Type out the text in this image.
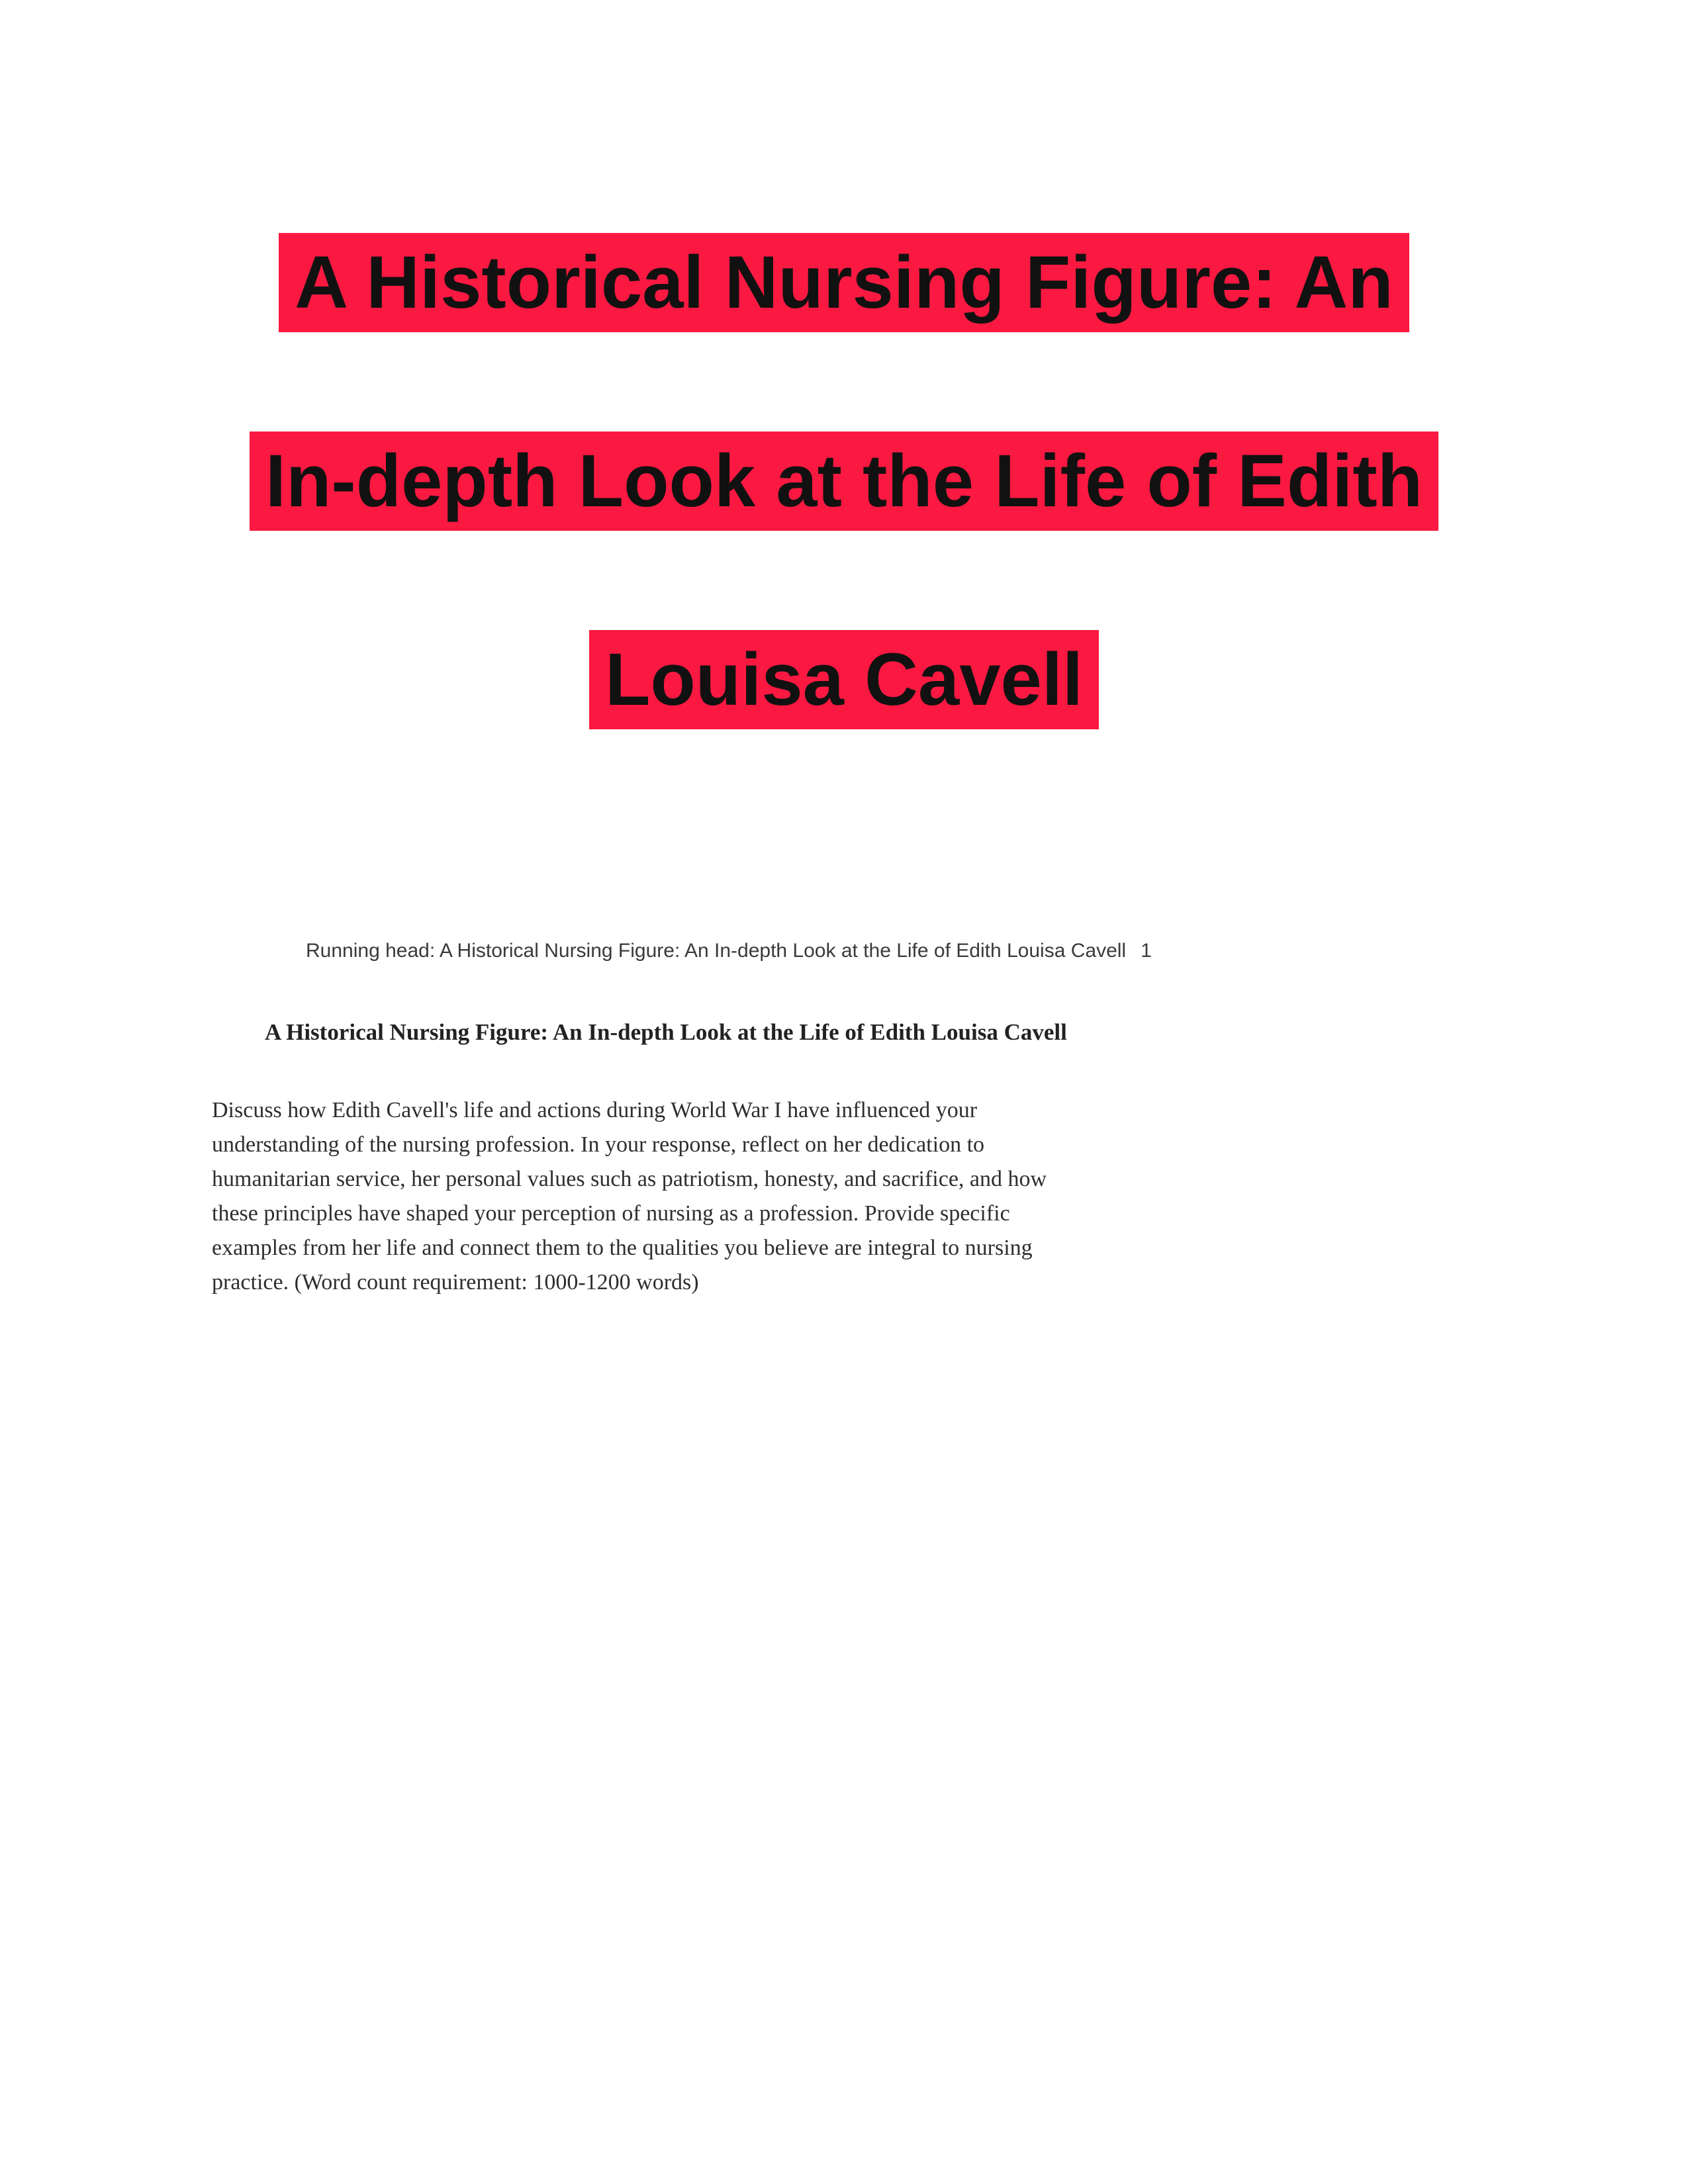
A Historical Nursing Figure: An
In-depth Look at the Life of Edith
Louisa Cavell
Running head: A Historical Nursing Figure: An In-depth Look at the Life of Edith Louisa Cavell 1
A Historical Nursing Figure: An In-depth Look at the Life of Edith Louisa Cavell
Discuss how Edith Cavell's life and actions during World War I have influenced your
understanding of the nursing profession. In your response, reflect on her dedication to
humanitarian service, her personal values such as patriotism, honesty, and sacrifice, and how
these principles have shaped your perception of nursing as a profession. Provide specific
examples from her life and connect them to the qualities you believe are integral to nursing
practice. (Word count requirement: 1000-1200 words)
